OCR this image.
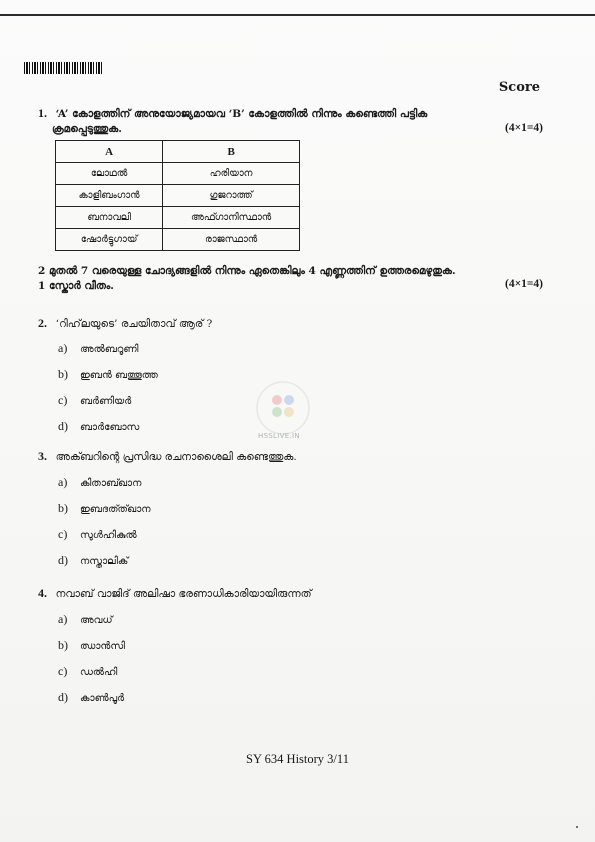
Score
1. ‘A’ കോളത്തിന് അനുയോജ്യമായവ ‘B’ കോളത്തിൽ നിന്നും കണ്ടെത്തി പട്ടിക
ക്രമപ്പെടുത്തുക.	(4×1=4)
A	B
ലോഥൽ	ഹരിയാന
കാളിബംഗാൻ	ഗുജറാത്ത്
ബനാവലി	അഫ്ഗാനിസ്ഥാൻ
ഷോർട്ടുഗായ്	രാജസ്ഥാൻ
2 മുതൽ 7 വരെയുള്ള ചോദ്യങ്ങളിൽ നിന്നും ഏതെങ്കിലും 4 എണ്ണത്തിന് ഉത്തരമെഴുതുക.
1 സ്കോർ വീതം.	(4×1=4)
2. ‘റിഹ്‌ലയുടെ’ രചയിതാവ് ആര് ?
a) അൽബറൂണി
b) ഇബൻ ബത്തൂത്ത
c) ബർണിയർ
d) ബാർബോസ
HSSLIVE.IN
3. അക്ബറിന്റെ പ്രസിദ്ധ രചനാശൈലി കണ്ടെത്തുക.
a) കിതാബ്ഖാന
b) ഇബദത്ത്ഖാന
c) സുൾഹികുൽ
d) നസ്താലിക്
4. നവാബ് വാജിദ് അലിഷാ ഭരണാധികാരിയായിരുന്നത്
a) അവധ്
b) ഝാൻസി
c) ഡൽഹി
d) കാൺപൂർ
SY 634 History 3/11
